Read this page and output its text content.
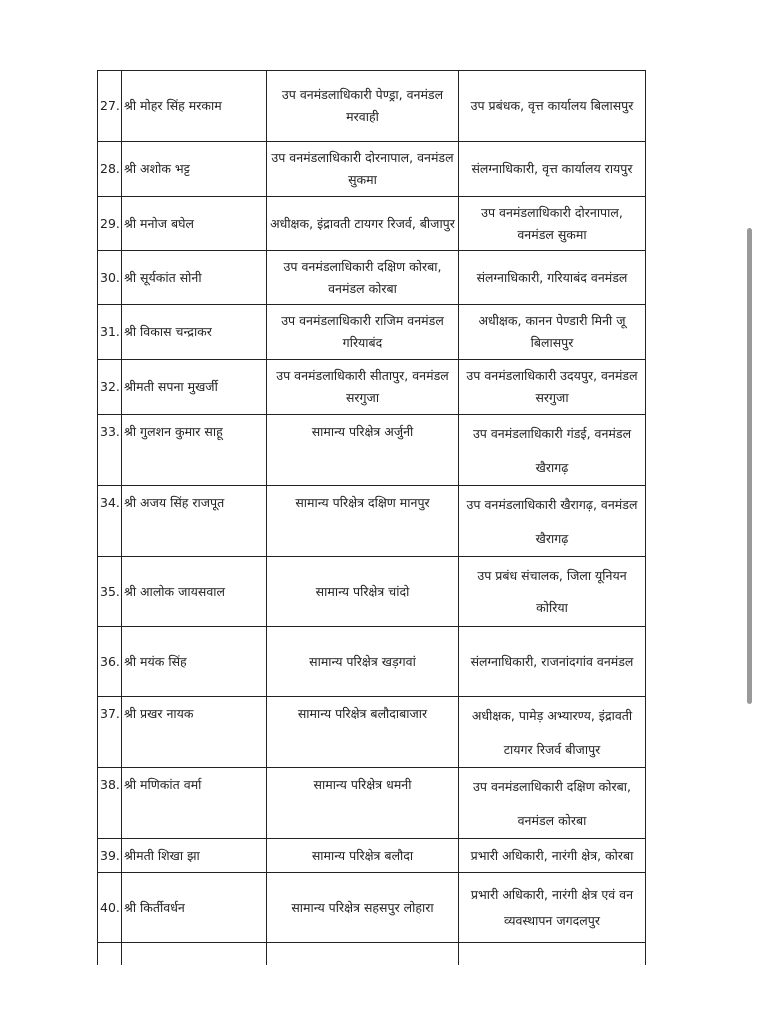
27.	श्री मोहर सिंह मरकाम	उप वनमंडलाधिकारी पेण्ड्रा, वनमंडल मरवाही	उप प्रबंधक, वृत्त कार्यालय बिलासपुर
28.	श्री अशोक भट्ट	उप वनमंडलाधिकारी दोरनापाल, वनमंडल सुकमा	संलग्नाधिकारी, वृत्त कार्यालय रायपुर
29.	श्री मनोज बघेल	अधीक्षक, इंद्रावती टायगर रिजर्व, बीजापुर	उप वनमंडलाधिकारी दोरनापाल, वनमंडल सुकमा
30.	श्री सूर्यकांत सोनी	उप वनमंडलाधिकारी दक्षिण कोरबा, वनमंडल कोरबा	संलग्नाधिकारी, गरियाबंद वनमंडल
31.	श्री विकास चन्द्राकर	उप वनमंडलाधिकारी राजिम वनमंडल गरियाबंद	अधीक्षक, कानन पेण्डारी मिनी जू बिलासपुर
32.	श्रीमती सपना मुखर्जी	उप वनमंडलाधिकारी सीतापुर, वनमंडल सरगुजा	उप वनमंडलाधिकारी उदयपुर, वनमंडल सरगुजा
33.	श्री गुलशन कुमार साहू	सामान्य परिक्षेत्र अर्जुनी	उप वनमंडलाधिकारी गंडई, वनमंडल खैरागढ़
34.	श्री अजय सिंह राजपूत	सामान्य परिक्षेत्र दक्षिण मानपुर	उप वनमंडलाधिकारी खैरागढ़, वनमंडल खैरागढ़
35.	श्री आलोक जायसवाल	सामान्य परिक्षेत्र चांदो	उप प्रबंध संचालक, जिला यूनियन कोरिया
36.	श्री मयंक सिंह	सामान्य परिक्षेत्र खड़गवां	संलग्नाधिकारी, राजनांदगांव वनमंडल
37.	श्री प्रखर नायक	सामान्य परिक्षेत्र बलौदाबाजार	अधीक्षक, पामेड़ अभ्यारण्य, इंद्रावती टायगर रिजर्व बीजापुर
38.	श्री मणिकांत वर्मा	सामान्य परिक्षेत्र धमनी	उप वनमंडलाधिकारी दक्षिण कोरबा, वनमंडल कोरबा
39.	श्रीमती शिखा झा	सामान्य परिक्षेत्र बलौदा	प्रभारी अधिकारी, नारंगी क्षेत्र, कोरबा
40.	श्री किर्तीवर्धन	सामान्य परिक्षेत्र सहसपुर लोहारा	प्रभारी अधिकारी, नारंगी क्षेत्र एवं वन व्यवस्थापन जगदलपुर
